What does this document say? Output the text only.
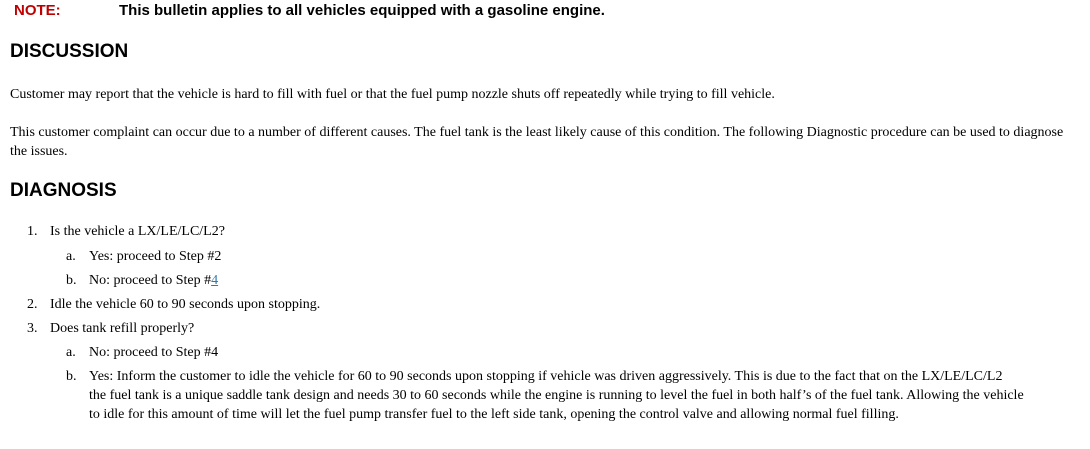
NOTE:	This bulletin applies to all vehicles equipped with a gasoline engine.
DISCUSSION

Customer may report that the vehicle is hard to fill with fuel or that the fuel pump nozzle shuts off repeatedly while trying to fill vehicle.

This customer complaint can occur due to a number of different causes. The fuel tank is the least likely cause of this condition. The following Diagnostic procedure can be used to diagnose the issues.

DIAGNOSIS
1. Is the vehicle a LX/LE/LC/L2?
a. Yes: proceed to Step #2
b. No: proceed to Step #4
2. Idle the vehicle 60 to 90 seconds upon stopping.
3. Does tank refill properly?
a. No: proceed to Step #4
b. Yes: Inform the customer to idle the vehicle for 60 to 90 seconds upon stopping if vehicle was driven aggressively. This is due to the fact that on the LX/LE/LC/L2
the fuel tank is a unique saddle tank design and needs 30 to 60 seconds while the engine is running to level the fuel in both half’s of the fuel tank. Allowing the vehicle
to idle for this amount of time will let the fuel pump transfer fuel to the left side tank, opening the control valve and allowing normal fuel filling.
